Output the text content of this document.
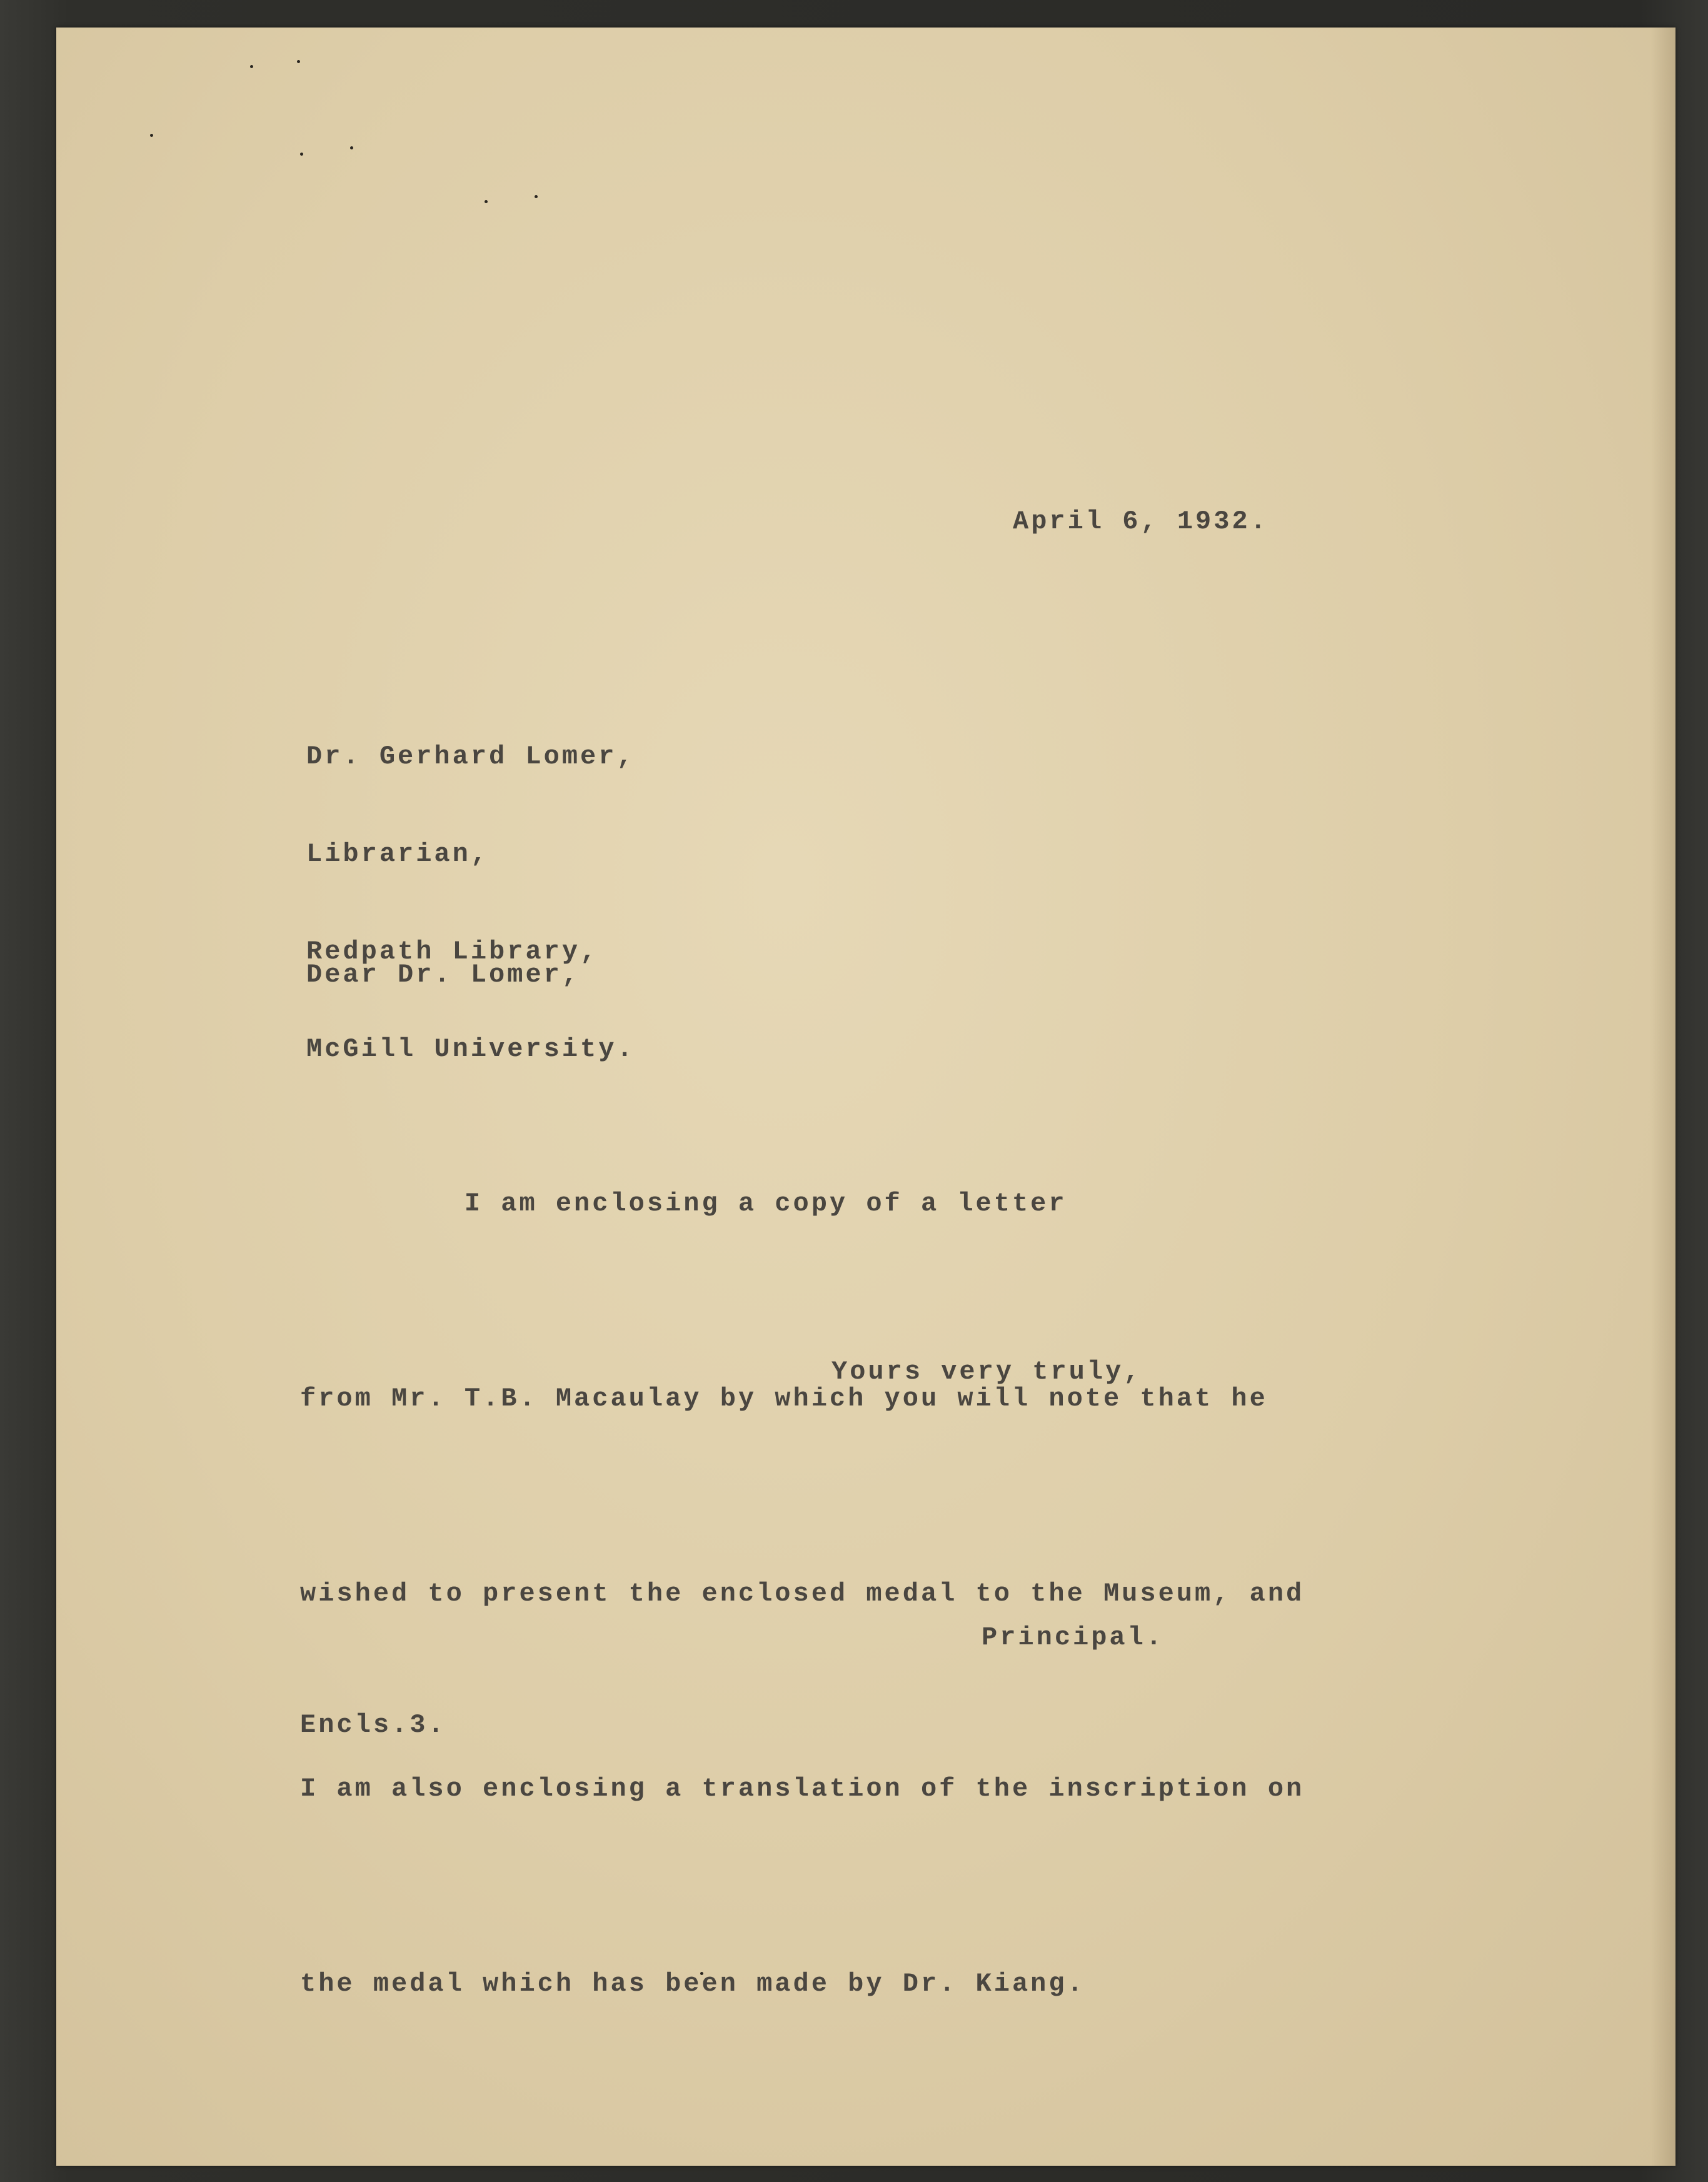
April 6, 1932.

Dr. Gerhard Lomer,

Librarian,

Redpath Library,

McGill University.

Dear Dr. Lomer,

I am enclosing a copy of a letter

from Mr. T.B. Macaulay by which you will note that he

wished to present the enclosed medal to the Museum, and

I am also enclosing a translation of the inscription on

the medal which has been made by Dr. Kiang.

Yours very truly,
Principal.
Encls.3.
